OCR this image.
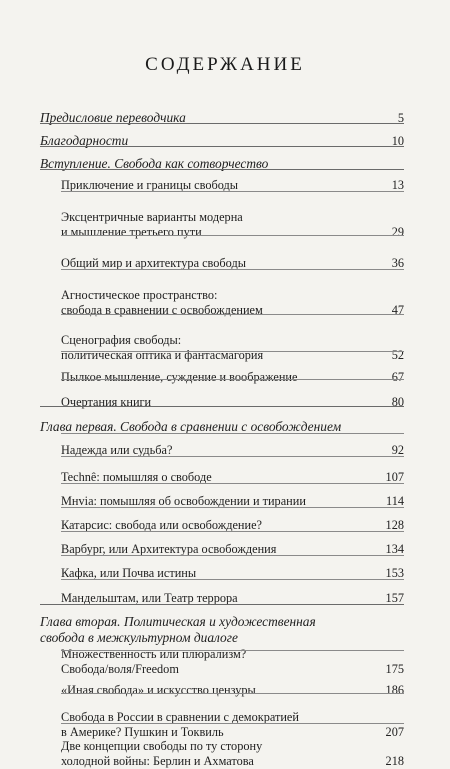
СОДЕРЖАНИЕ
Предисловие переводчика	5
Благодарности	10
Вступление. Свобода как сотворчество
Приключение и границы свободы	13
Эксцентричные варианты модерна
и мышление третьего пути	29
Общий мир и архитектура свободы	36
Агностическое пространство:
свобода в сравнении с освобождением	47
Сценография свободы:
политическая оптика и фантасмагория	52
Пылкое мышление, суждение и воображение	67
Очертания книги	80
Глава первая. Свобода в сравнении с освобождением
Надежда или судьба?	92
Technê: помышляя о свободе	107
Мнvia: помышляя об освобождении и тирании	114
Катарсис: свобода или освобождение?	128
Варбург, или Архитектура освобождения	134
Кафка, или Почва истины	153
Мандельштам, или Театр террора	157
Глава вторая. Политическая и художественная
свобода в межкультурном диалоге
Множественность или плюрализм?
Свобода/воля/Freedom	175
«Иная свобода» и искусство цензуры	186
Свобода в России в сравнении с демократией
в Америке? Пушкин и Токвиль	207
Две концепции свободы по ту сторону
холодной войны: Берлин и Ахматова	218
